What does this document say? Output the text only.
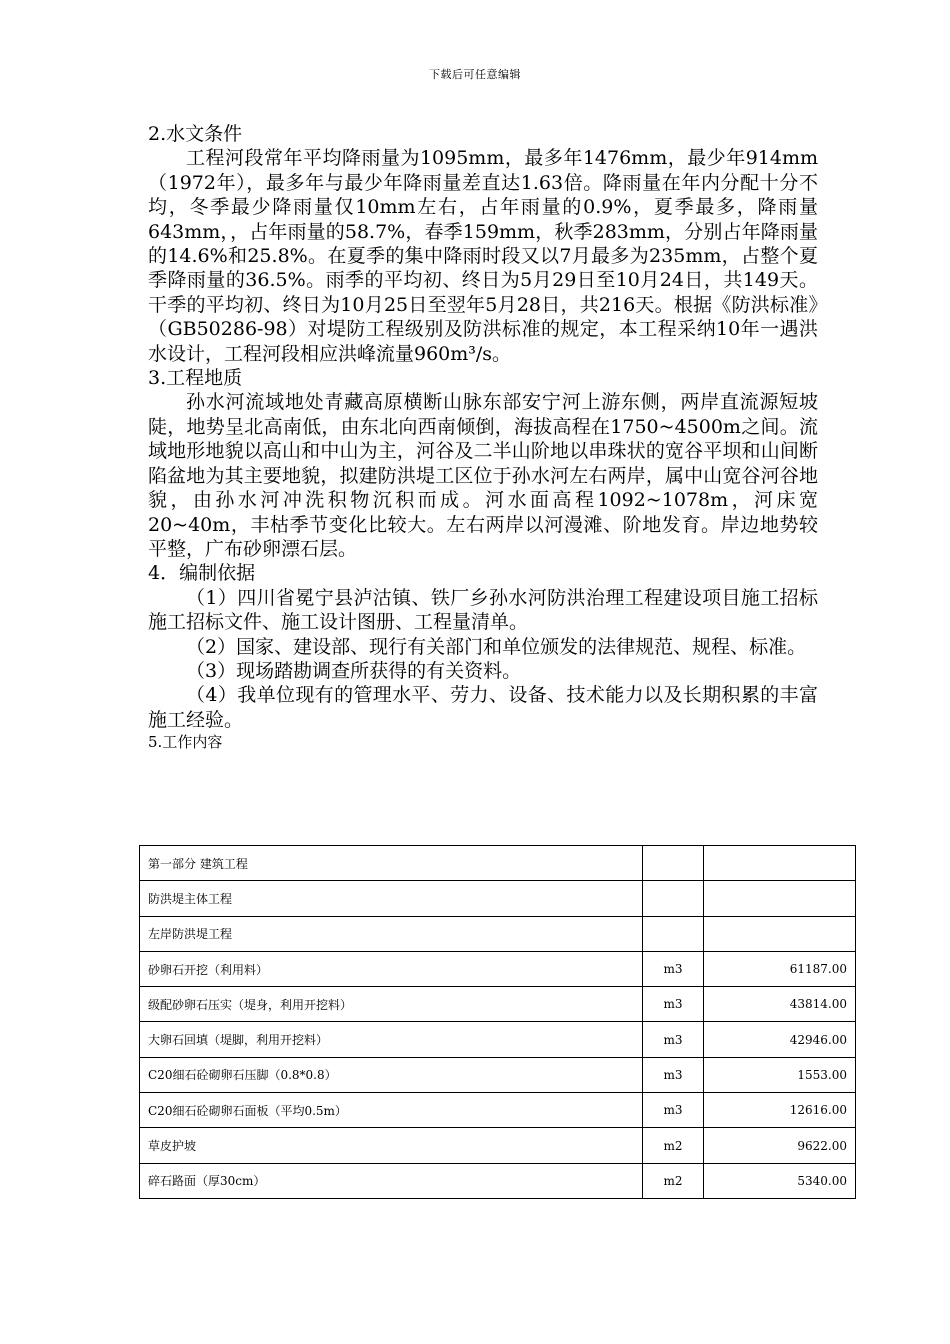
下载后可任意编辑

2.水文条件

工程河段常年平均降雨量为1095mm，最多年1476mm，最少年914mm（1972年），最多年与最少年降雨量差直达1.63倍。降雨量在年内分配十分不均，冬季最少降雨量仅10mm左右，占年雨量的0.9%，夏季最多，降雨量643mm，，占年雨量的58.7%，春季159mm，秋季283mm，分别占年降雨量的14.6%和25.8%。在夏季的集中降雨时段又以7月最多为235mm，占整个夏季降雨量的36.5%。雨季的平均初、终日为5月29日至10月24日，共149天。干季的平均初、终日为10月25日至翌年5月28日，共216天。根据《防洪标准》（GB50286-98）对堤防工程级别及防洪标准的规定，本工程采纳10年一遇洪水设计，工程河段相应洪峰流量960m³/s。

3.工程地质

孙水河流域地处青藏高原横断山脉东部安宁河上游东侧，两岸直流源短坡陡，地势呈北高南低，由东北向西南倾倒，海拔高程在1750~4500m之间。流域地形地貌以高山和中山为主，河谷及二半山阶地以串珠状的宽谷平坝和山间断陷盆地为其主要地貌，拟建防洪堤工区位于孙水河左右两岸，属中山宽谷河谷地貌，由孙水河冲洗积物沉积而成。河水面高程1092~1078m，河床宽20~40m，丰枯季节变化比较大。左右两岸以河漫滩、阶地发育。岸边地势较平整，广布砂卵漂石层。

4．编制依据

（1）四川省冕宁县泸沽镇、铁厂乡孙水河防洪治理工程建设项目施工招标施工招标文件、施工设计图册、工程量清单。

（2）国家、建设部、现行有关部门和单位颁发的法律规范、规程、标准。

（3）现场踏勘调查所获得的有关资料。

（4）我单位现有的管理水平、劳力、设备、技术能力以及长期积累的丰富施工经验。

5.工作内容

第一部分 建筑工程		
防洪堤主体工程		
左岸防洪堤工程		
砂卵石开挖（利用料）	m3	61187.00
级配砂卵石压实（堤身，利用开挖料）	m3	43814.00
大卵石回填（堤脚，利用开挖料）	m3	42946.00
C20细石砼砌卵石压脚（0.8*0.8）	m3	1553.00
C20细石砼砌卵石面板（平均0.5m）	m3	12616.00
草皮护坡	m2	9622.00
碎石路面（厚30cm）	m2	5340.00
